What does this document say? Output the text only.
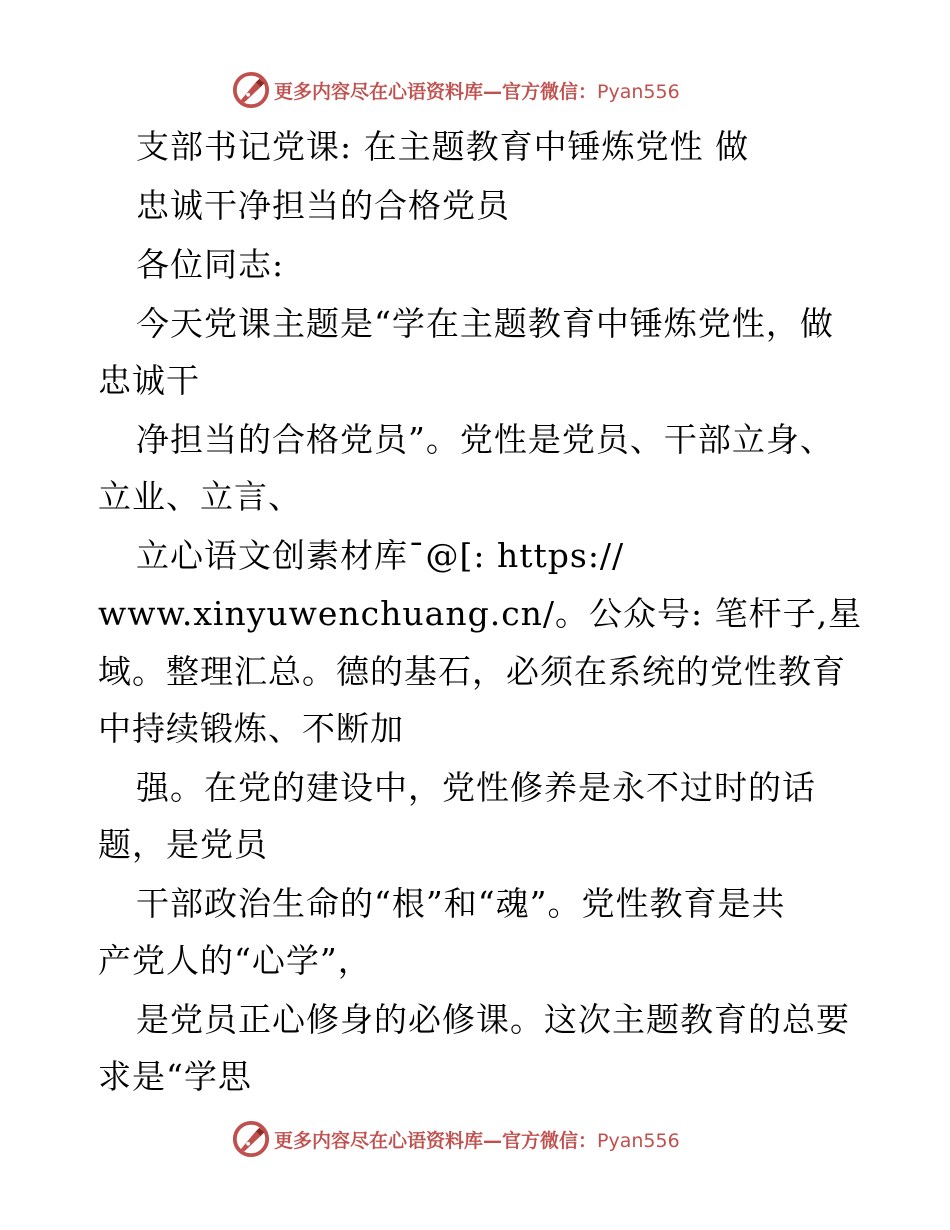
更多内容尽在心语资料库—官方微信：Pyan556
支部书记党课: 在主题教育中锤炼党性 做
忠诚干净担当的合格党员
各位同志:
今天党课主题是“学在主题教育中锤炼党性，做
忠诚干
净担当的合格党员”。党性是党员、干部立身、
立业、立言、
立心语文创素材库¯@[: https://
www.xinyuwenchuang.cn/。公众号: 笔杆子,星
域。整理汇总。德的基石，必须在系统的党性教育
中持续锻炼、不断加
强。在党的建设中，党性修养是永不过时的话
题，是党员
干部政治生命的“根”和“魂”。党性教育是共
产党人的“心学”，
是党员正心修身的必修课。这次主题教育的总要
求是“学思
更多内容尽在心语资料库—官方微信：Pyan556
